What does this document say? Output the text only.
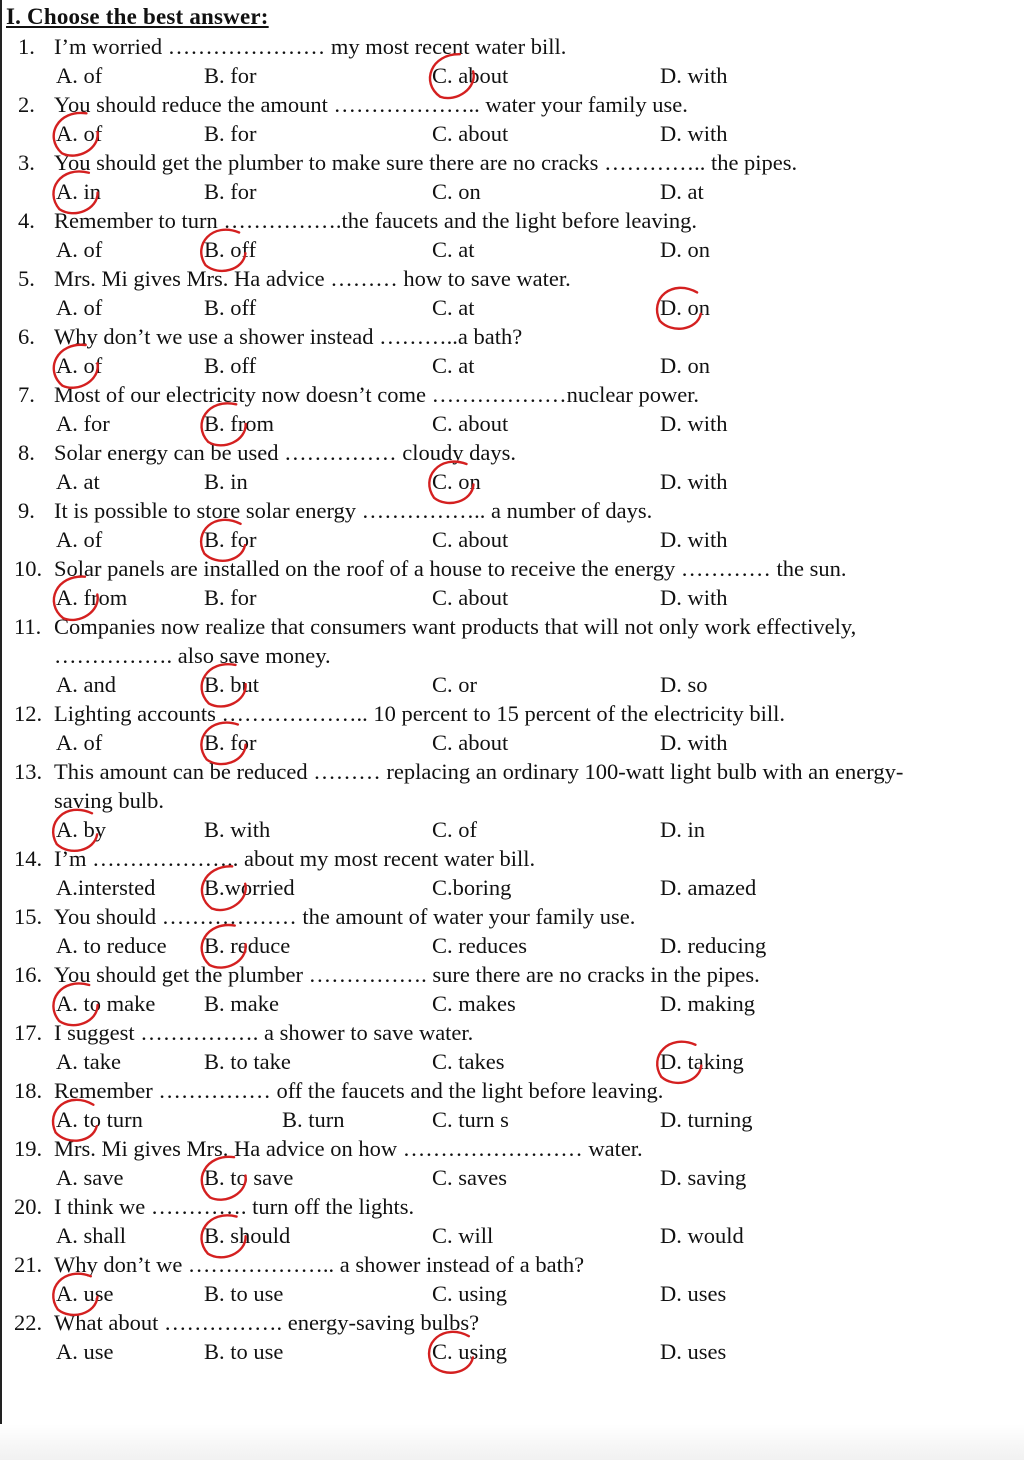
I. Choose the best answer:
1. I’m worried ………………… my most recent water bill.
A. of	B. for	C. about	D. with
2. You should reduce the amount ……………….. water your family use.
A. of	B. for	C. about	D. with
3. You should get the plumber to make sure there are no cracks ………….. the pipes.
A. in	B. for	C. on	D. at
4. Remember to turn …………….the faucets and the light before leaving.
A. of	B. off	C. at	D. on
5. Mrs. Mi gives Mrs. Ha advice ……… how to save water.
A. of	B. off	C. at	D. on
6. Why don’t we use a shower instead ………..a bath?
A. of	B. off	C. at	D. on
7. Most of our electricity now doesn’t come ………………nuclear power.
A. for	B. from	C. about	D. with
8. Solar energy can be used …………… cloudy days.
A. at	B. in	C. on	D. with
9. It is possible to store solar energy …………….. a number of days.
A. of	B. for	C. about	D. with
10. Solar panels are installed on the roof of a house to receive the energy ………… the sun.
A. from	B. for	C. about	D. with
11. Companies now realize that consumers want products that will not only work effectively,
……………. also save money.
A. and	B. but	C. or	D. so
12. Lighting accounts ……………….. 10 percent to 15 percent of the electricity bill.
A. of	B. for	C. about	D. with
13. This amount can be reduced ……… replacing an ordinary 100-watt light bulb with an energy-
saving bulb.
A. by	B. with	C. of	D. in
14. I’m ……………….. about my most recent water bill.
A.intersted B.worried	C.boring	D. amazed
15. You should ……………… the amount of water your family use.
A. to reduce B. reduce	C. reduces	D. reducing
16. You should get the plumber ……………. sure there are no cracks in the pipes.
A. to make B. make	C. makes	D. making
17. I suggest ……………. a shower to save water.
A. take	B. to take	C. takes	D. taking
18. Remember …………… off the faucets and the light before leaving.
A. to turn	B. turn	C. turn s	D. turning
19. Mrs. Mi gives Mrs. Ha advice on how …………………… water.
A. save	B. to save	C. saves	D. saving
20. I think we …………. turn off the lights.
A. shall	B. should	C. will	D. would
21. Why don’t we ……………….. a shower instead of a bath?
A. use	B. to use	C. using	D. uses
22. What about ……………. energy-saving bulbs?
A. use	B. to use	C. using	D. uses
